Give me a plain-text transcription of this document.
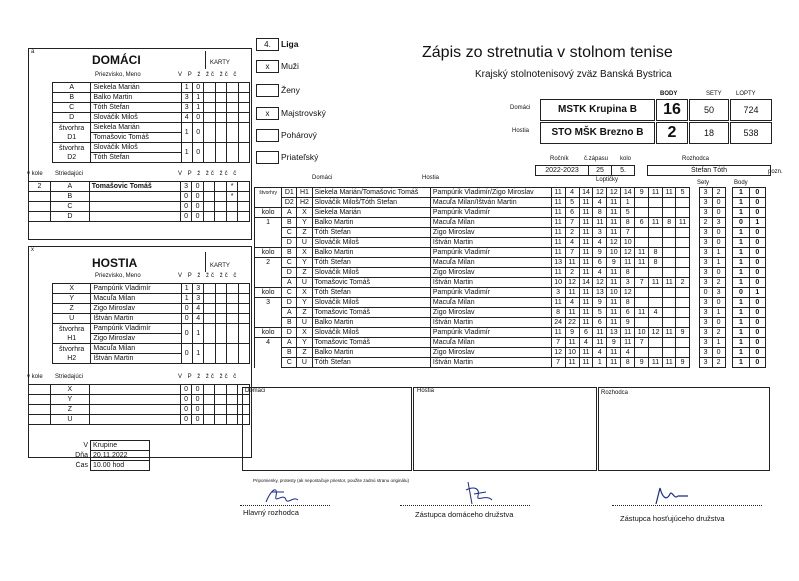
a
DOMÁCI	KARTY
Priezvisko, Meno	V P ž žč žč č
A	Siekela Marián	1	0				
B	Balko Martin	3	1				
C	Tóth Štefan	3	1				
D	Slováčik Miloš	4	0				
štvorhra D1	Siekela Marián	1	0				
	Tomašovic Tomáš						
štvorhra D2	Slováčik Miloš	1	0				
	Tóth Štefan						
v kole Striedajúci	V P ž žč žč č
2	A	Tomašovic Tomáš	3	0			*	
	B		0	0			*	
	C		0	0				
	D		0	0				
x
HOSTIA	KARTY
Priezvisko, Meno	V P ž žč žč č
X	Pampúrik Vladimír	1	3				
Y	Macuľa Milan	1	3				
Z	Zigo Miroslav	0	4				
U	Ištván Martin	0	4				
štvorhra H1	Pampúrik Vladimír	0	1				
	Zigo Miroslav						
štvorhra H2	Macuľa Milan	0	1				
	Ištván Martin						
v kole Striedajúci	V P ž žč žč č
	X		0	0				
	Y		0	0				
	Z		0	0				
	U		0	0				
V	Krupine
Dňa	20.11.2022
Čas	10.00 hod
4.	Liga
x	Muži
Ženy
x	Majstrovský
Pohárový
Priateľský
Zápis zo stretnutia v stolnom tenise
Krajský stolnotenisový zväz Banská Bystrica
BODY	SETY LOPTY
Domáci	MSTK Krupina B	16	50	724
Hostia	STO MŠK Brezno B	2	18	538
Ročník	č.zápasu kolo	Rozhodca
2022-2023	25	5.		Štefan Tóth	pozn.
Domáci	Hostia	Loptičky	Sety	Body
štvorhry	D1	H1	Siekela Marián/Tomašovic Tomáš	Pampúrik Vladimír/Zigo Miroslav	11	4	14	12	12	14	9	11	11	5		3	2		1	0
	D2	H2	Slováčik Miloš/Tóth Štefan	Macuľa Milan/Ištván Martin	11	5	11	4	11	1						3	0		1	0
kolo	A	X	Siekela Marián	Pampúrik Vladimír	11	6	11	8	11	5						3	0		1	0
1	B	Y	Balko Martin	Macuľa Milan	11	7	11	11	11	8	6	11	8	11		2	3		0	1
	C	Z	Tóth Štefan	Zigo Miroslav	11	2	11	3	11	7						3	0		1	0
	D	U	Slováčik Miloš	Ištván Martin	11	4	11	4	12	10						3	0		1	0
kolo	B	X	Balko Martin	Pampúrik Vladimír	11	7	11	9	10	12	11	8				3	1		1	0
2	C	Y	Tóth Štefan	Macuľa Milan	13	11	11	6	9	11	11	8				3	1		1	0
	D	Z	Slováčik Miloš	Zigo Miroslav	11	2	11	4	11	8						3	0		1	0
	A	U	Tomašovic Tomáš	Ištván Martin	10	12	14	12	11	3	7	11	11	2		3	2		1	0
kolo	C	X	Tóth Štefan	Pampúrik Vladimír	3	11	11	13	10	12						0	3		0	1
3	D	Y	Slováčik Miloš	Macuľa Milan	11	4	11	9	11	8						3	0		1	0
	A	Z	Tomašovic Tomáš	Zigo Miroslav	8	11	11	5	11	6	11	4				3	1		1	0
	B	U	Balko Martin	Ištván Martin	24	22	11	6	11	9						3	0		1	0
kolo	D	X	Slováčik Miloš	Pampúrik Vladimír	11	9	6	11	13	11	10	12	11	9		3	2		1	0
4	A	Y	Tomašovic Tomáš	Macuľa Milan	7	11	4	11	9	11	7					3	1		1	0
	B	Z	Balko Martin	Zigo Miroslav	12	10	11	4	11	4						3	0		1	0
	C	U	Tóth Štefan	Ištván Martin	7	11	11	1	11	8	9	11	11	9		3	2		1	0
Domáci	Hostia	Rozhodca
Pripomienky, protesty (ak nepostačuje priestor, použite zadnú stranu originálu)
Hlavný rozhodca	Zástupca domáceho družstva	Zástupca hosťujúceho družstva
